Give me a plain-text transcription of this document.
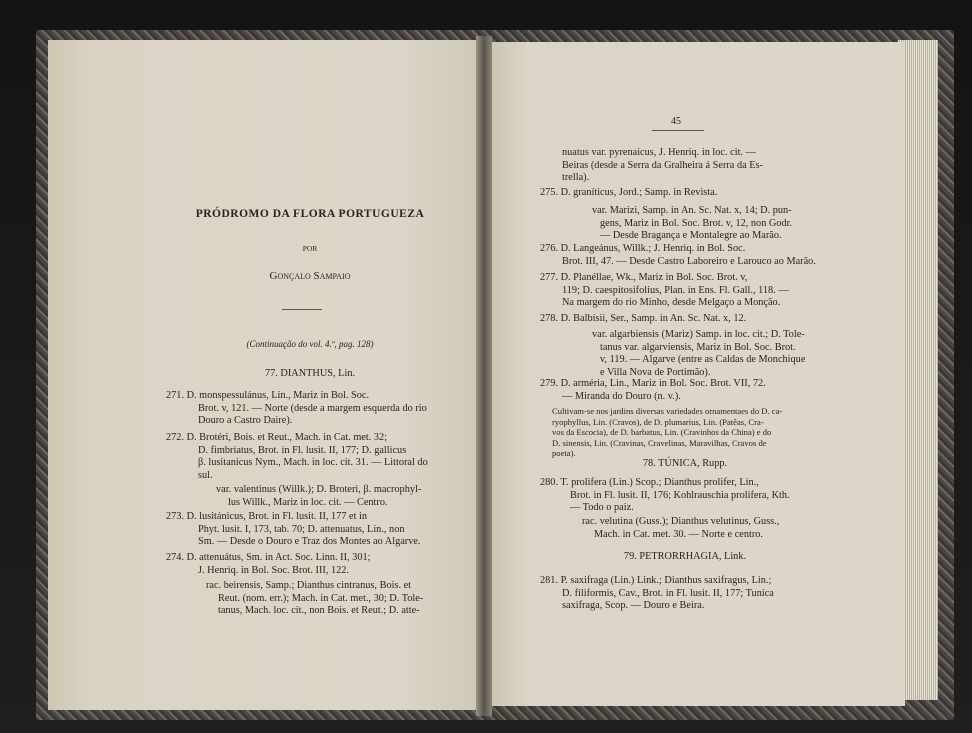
PRÓDROMO DA FLORA PORTUGUEZA
POR
Gonçalo Sampaio
(Continuação do vol. 4.º, pag. 128)
77. DIANTHUS, Lin.
271. D. monspessulánus, Lin., Mariz in Bol. Soc.
Brot. v, 121. — Norte (desde a margem esquerda do rio
Douro a Castro Daire).
272. D. Brotéri, Bois. et Reut., Mach. in Cat. met. 32;
D. fimbriatus, Brot. in Fl. lusit. II, 177; D. gallicus
β. lusitanicus Nym., Mach. in loc. cit. 31. — Littoral do
sul.
var. valentinus (Willk.); D. Broteri, β. macrophyl-
lus Willk., Mariz in loc. cit. — Centro.
273. D. lusitánicus, Brot. in Fl. lusit. II, 177 et in
Phyt. lusit. I, 173, tab. 70; D. attenuatus, Lin., non
Sm. — Desde o Douro e Traz dos Montes ao Algarve.
274. D. attenuátus, Sm. in Act. Soc. Linn. II, 301;
J. Henriq. in Bol. Soc. Brot. III, 122.
rac. beirensis, Samp.; Dianthus cintranus, Bois. et
Reut. (nom. err.); Mach. in Cat. met., 30; D. Tole-
tanus, Mach. loc. cit., non Bois. et Reut.; D. atte-
45
nuatus var. pyrenaicus, J. Henriq. in loc. cit. —
Beiras (desde a Serra da Gralheira á Serra da Es-
trella).
275. D. graníticus, Jord.; Samp. in Revista.
var. Marizi, Samp. in An. Sc. Nat. x, 14; D. pun-
gens, Mariz in Bol. Soc. Brot. v, 12, non Godr.
— Desde Bragança e Montalegre ao Marão.
276. D. Langeánus, Willk.; J. Henriq. in Bol. Soc.
Brot. III, 47. — Desde Castro Laboreiro e Larouco ao Marão.
277. D. Planéllae, Wk., Mariz in Bol. Soc. Brot. v,
119; D. caespitosifolius, Plan. in Ens. Fl. Gall., 118. —
Na margem do rio Minho, desde Melgaço a Monção.
278. D. Balbísii, Ser., Samp. in An. Sc. Nat. x, 12.
var. algarbiensis (Mariz) Samp. in loc. cit.; D. Tole-
tanus var. algarviensis, Mariz in Bol. Soc. Brot.
v, 119. — Algarve (entre as Caldas de Monchique
e Villa Nova de Portimão).
279. D. arméria, Lin., Mariz in Bol. Soc. Brot. VII, 72.
— Miranda do Douro (n. v.).
Cultivam-se nos jardins diversas variedades ornamentaes do D. ca-
ryophyllus, Lin. (Cravos), de D. plumarius, Lin. (Patêas, Cra-
vos da Escocia), de D. barbatus, Lin. (Cravinhos da China) e do
D. sinensis, Lin. (Cravinas, Cravelinas, Maravilhas, Cravos de
poeta).
78. TÚNICA, Rupp.
280. T. prolifera (Lin.) Scop.; Dianthus prolifer, Lin.,
Brot. in Fl. lusit. II, 176; Kohlrauschia prolifera, Kth.
— Todo o paiz.
rac. velutina (Guss.); Dianthus velutinus, Guss.,
Mach. in Cat. met. 30. — Norte e centro.
79. PETRORRHAGIA, Link.
281. P. saxifraga (Lin.) Link.; Dianthus saxifragus, Lin.;
D. filiformis, Cav., Brot. in Fl. lusit. II, 177; Tunica
saxifraga, Scop. — Douro e Beira.
